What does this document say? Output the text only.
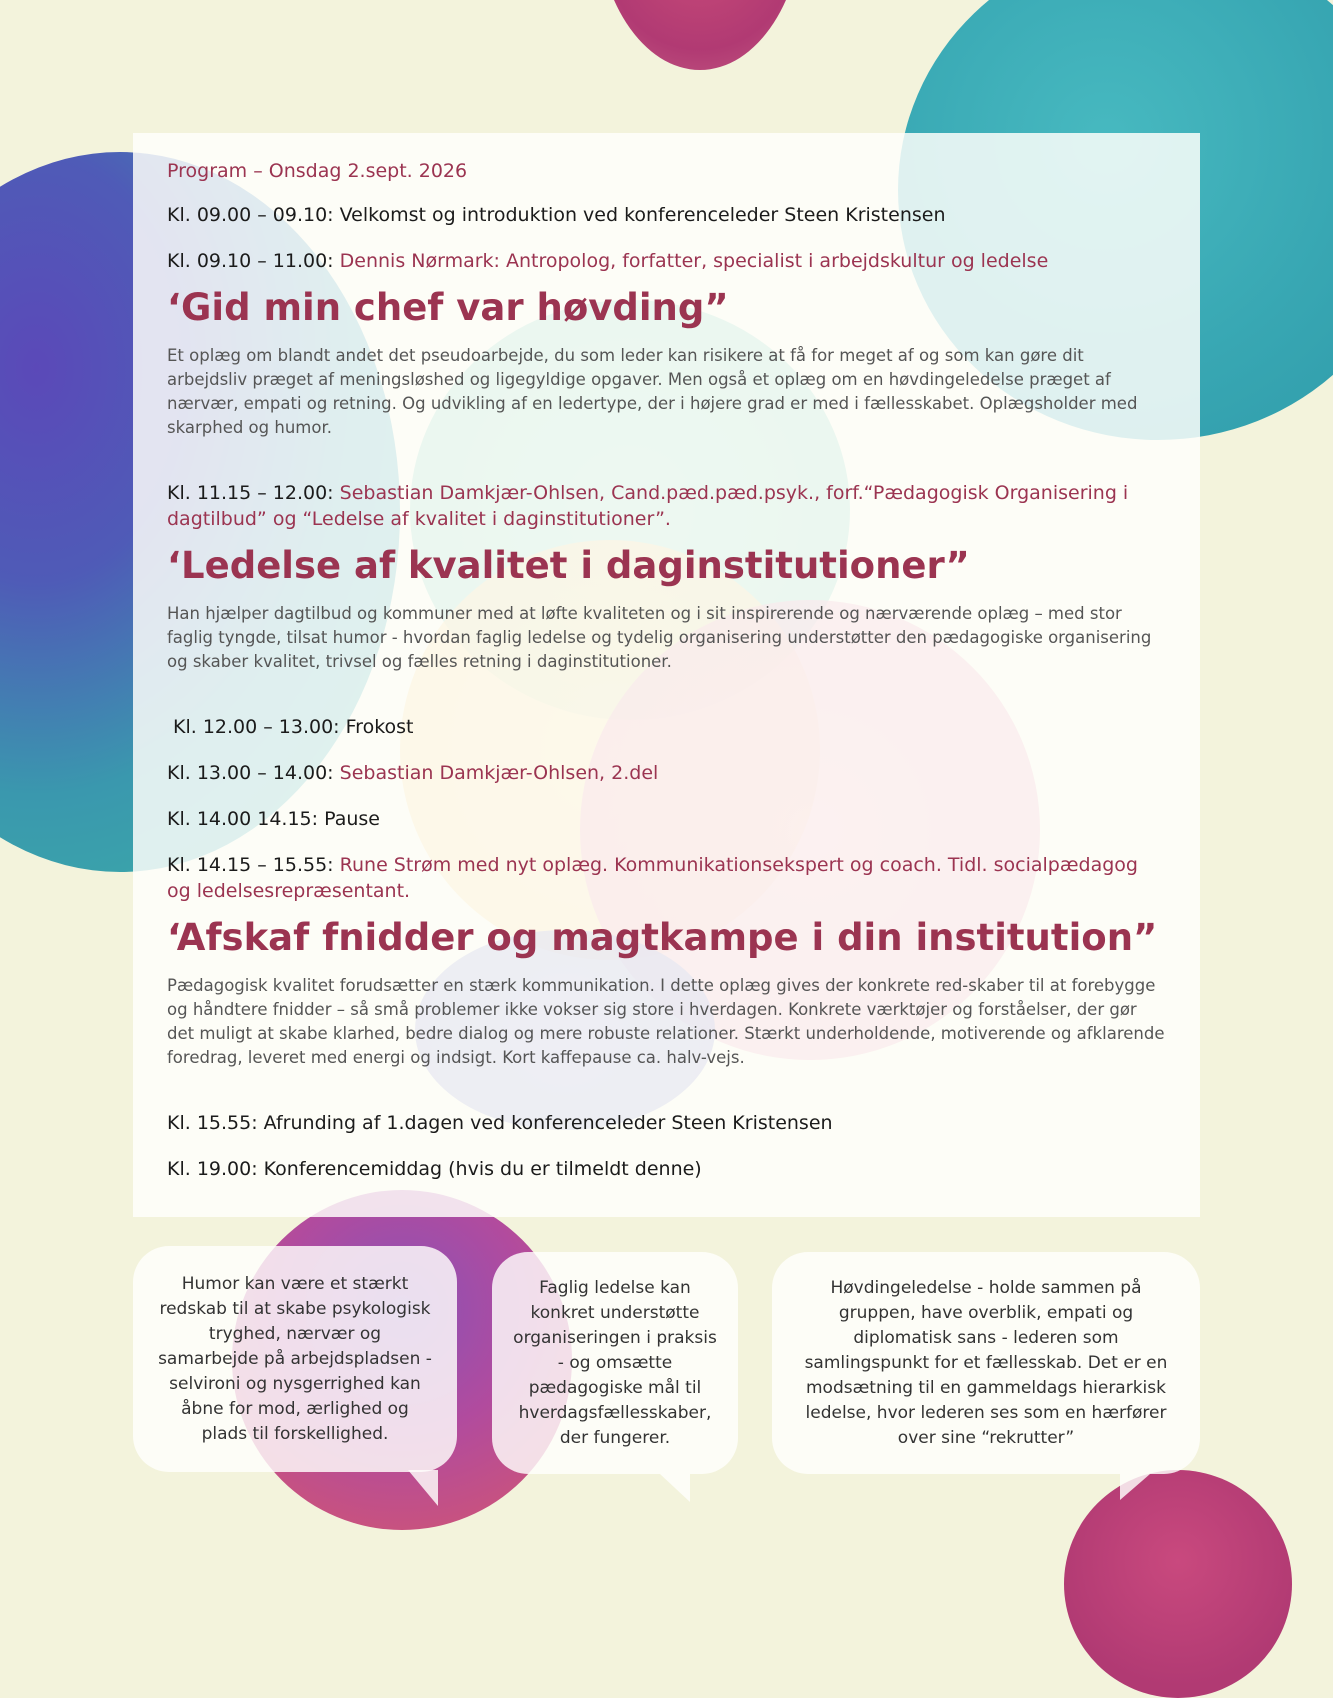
Program – Onsdag 2.sept. 2026

Kl. 09.00 – 09.10: Velkomst og introduktion ved konferenceleder Steen Kristensen

Kl. 09.10 – 11.00: Dennis Nørmark: Antropolog, forfatter, specialist i arbejdskultur og ledelse

‘Gid min chef var høvding”

Et oplæg om blandt andet det pseudoarbejde, du som leder kan risikere at få for meget af og som kan gøre dit arbejdsliv præget af meningsløshed og ligegyldige opgaver. Men også et oplæg om en høvdingeledelse præget af nærvær, empati og retning. Og udvikling af en ledertype, der i højere grad er med i fællesskabet. Oplægsholder med skarphed og humor.

Kl. 11.15 – 12.00: Sebastian Damkjær-Ohlsen, Cand.pæd.pæd.psyk., forf.“Pædagogisk Organisering i dagtilbud” og “Ledelse af kvalitet i daginstitutioner”.

‘Ledelse af kvalitet i daginstitutioner”

Han hjælper dagtilbud og kommuner med at løfte kvaliteten og i sit inspirerende og nærværende oplæg – med stor faglig tyngde, tilsat humor - hvordan faglig ledelse og tydelig organisering understøtter den pædagogiske organisering og skaber kvalitet, trivsel og fælles retning i daginstitutioner.

Kl. 12.00 – 13.00: Frokost

Kl. 13.00 – 14.00: Sebastian Damkjær-Ohlsen, 2.del

Kl. 14.00 14.15: Pause

Kl. 14.15 – 15.55: Rune Strøm med nyt oplæg. Kommunikationsekspert og coach. Tidl. socialpædagog og ledelsesrepræsentant.

‘Afskaf fnidder og magtkampe i din institution”

Pædagogisk kvalitet forudsætter en stærk kommunikation. I dette oplæg gives der konkrete red-skaber til at forebygge og håndtere fnidder – så små problemer ikke vokser sig store i hverdagen. Konkrete værktøjer og forståelser, der gør det muligt at skabe klarhed, bedre dialog og mere robuste relationer. Stærkt underholdende, motiverende og afklarende foredrag, leveret med energi og indsigt. Kort kaffepause ca. halv-vejs.

Kl. 15.55: Afrunding af 1.dagen ved konferenceleder Steen Kristensen

Kl. 19.00: Konferencemiddag (hvis du er tilmeldt denne)

Humor kan være et stærkt redskab til at skabe psykologisk tryghed, nærvær og samarbejde på arbejdspladsen - selvironi og nysgerrighed kan åbne for mod, ærlighed og plads til forskellighed.
Faglig ledelse kan konkret understøtte organiseringen i praksis - og omsætte pædagogiske mål til hverdagsfællesskaber, der fungerer.
Høvdingeledelse - holde sammen på gruppen, have overblik, empati og diplomatisk sans - lederen som samlingspunkt for et fællesskab. Det er en modsætning til en gammeldags hierarkisk ledelse, hvor lederen ses som en hærfører over sine “rekrutter”
